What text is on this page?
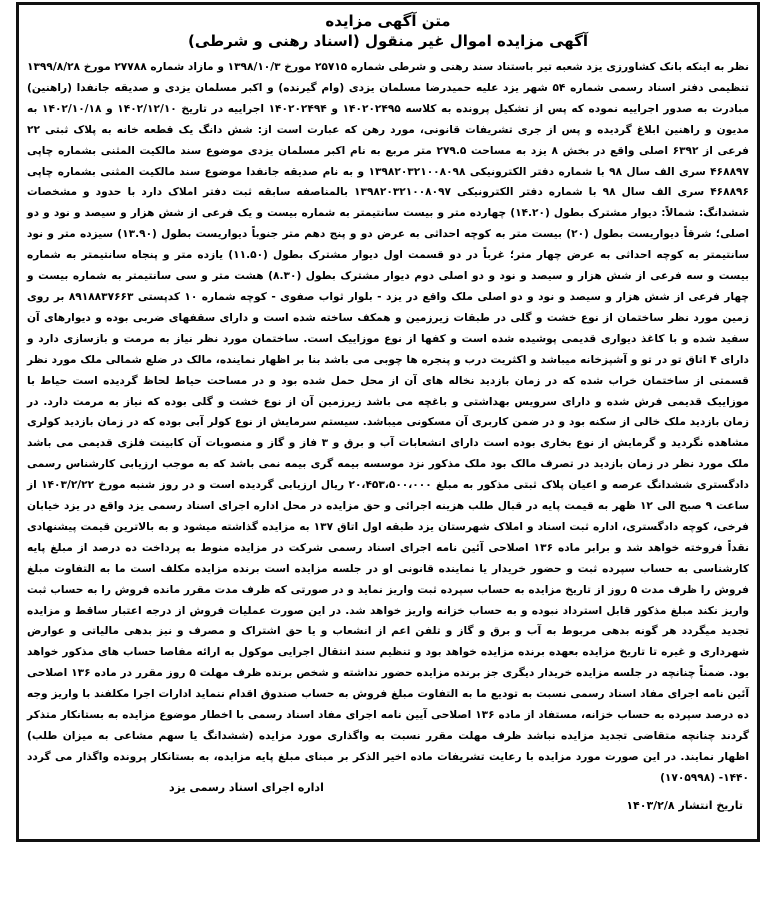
متن آگهی مزایده
آگهی مزایده اموال غیر منقول (اسناد رهنی و شرطی)
نظر به اینکه بانک کشاورزی یزد شعبه تیر باستناد سند رهنی و شرطی شماره ۲۵۷۱۵ مورخ ۱۳۹۸/۱۰/۳ و مازاد شماره ۲۷۷۸۸ مورخ ۱۳۹۹/۸/۲۸ تنظیمی دفتر اسناد رسمی شماره ۵۴ شهر یزد علیه حمیدرضا مسلمان یزدی (وام گیرنده) و اکبر مسلمان یزدی و صدیقه جانفدا (راهنین) مبادرت به صدور اجراییه نموده که پس از تشکیل پرونده به کلاسه ۱۴۰۲۰۲۴۹۵ و ۱۴۰۲۰۲۴۹۴ اجراییه در تاریخ ۱۴۰۲/۱۲/۱۰ و ۱۴۰۲/۱۰/۱۸ به مدیون و راهنین ابلاغ گردیده و پس از جری تشریفات قانونی، مورد رهن که عبارت است از: شش دانگ یک قطعه خانه به پلاک ثبتی ۲۲ فرعی از ۶۳۹۲ اصلی واقع در بخش ۸ یزد به مساحت ۲۷۹.۵ متر مربع به نام اکبر مسلمان یزدی موضوع سند مالکیت المثنی بشماره چاپی ۴۶۸۸۹۷ سری الف سال ۹۸ با شماره دفتر الکترونیکی ۱۳۹۸۲۰۳۲۱۰۰۸۰۹۸ و به نام صدیقه جانفدا موضوع سند مالکیت المثنی بشماره چاپی ۴۶۸۸۹۶ سری الف سال ۹۸ با شماره دفتر الکترونیکی ۱۳۹۸۲۰۳۲۱۰۰۸۰۹۷ بالمناصفه سابقه ثبت دفتر املاک دارد با حدود و مشخصات ششدانگ: شمالاً: دیوار مشترک بطول (۱۴.۲۰) چهارده متر و بیست سانتیمتر به شماره بیست و یک فرعی از شش هزار و سیصد و نود و دو اصلی؛ شرقاً دیواریست بطول (۲۰) بیست متر به کوچه احداثی به عرض دو و پنج دهم متر جنوباً دیواریست بطول (۱۳.۹۰) سیزده متر و نود سانتیمتر به کوچه احداثی به عرض چهار متر؛ غرباً در دو قسمت اول دیوار مشترک بطول (۱۱.۵۰) یازده متر و پنجاه سانتیمتر به شماره بیست و سه فرعی از شش هزار و سیصد و نود و دو اصلی دوم دیوار مشترک بطول (۸.۳۰) هشت متر و سی سانتیمتر به شماره بیست و چهار فرعی از شش هزار و سیصد و نود و دو اصلی ملک واقع در یزد - بلوار ثواب صفوی - کوچه شماره ۱۰ کدپستی ۸۹۱۸۸۳۷۶۶۳ بر روی زمین مورد نظر ساختمان از نوع خشت و گلی در طبقات زیرزمین و همکف ساخته شده است و دارای سقفهای ضربی بوده و دیوارهای آن سفید شده و با کاغذ دیواری قدیمی پوشیده شده است و کفها از نوع موزاییک است. ساختمان مورد نظر نیاز به مرمت و بازسازی دارد و دارای ۴ اتاق تو در تو و آشپزخانه میباشد و اکثریت درب و پنجره ها چوبی می باشد بنا بر اظهار نماینده، مالک در ضلع شمالی ملک مورد نظر قسمتی از ساختمان خراب شده که در زمان بازدید نخاله های آن از محل حمل شده بود و در مساحت حیاط لحاظ گردیده است حیاط با موزاییک قدیمی فرش شده و دارای سرویس بهداشتی و باغچه می باشد زیرزمین آن از نوع خشت و گلی بوده که نیاز به مرمت دارد. در زمان بازدید ملک خالی از سکنه بود و در ضمن کاربری آن مسکونی میباشد. سیستم سرمایش از نوع کولر آبی بوده که در زمان بازدید کولری مشاهده نگردید و گرمایش از نوع بخاری بوده است دارای انشعابات آب و برق و ۳ فاز و گاز و منصوبات آن کابینت فلزی قدیمی می باشد ملک مورد نظر در زمان بازدید در تصرف مالک بود ملک مذکور نزد موسسه بیمه گری بیمه نمی باشد که به موجب ارزیابی کارشناس رسمی دادگستری ششدانگ عرصه و اعیان پلاک ثبتی مذکور به مبلغ ۲۰،۴۵۳،۵۰۰،۰۰۰ ریال ارزیابی گردیده است و در روز شنبه مورخ ۱۴۰۳/۲/۲۲ از ساعت ۹ صبح الی ۱۲ ظهر به قیمت پایه در قبال طلب هزینه اجرائی و حق مزایده در محل اداره اجرای اسناد رسمی یزد واقع در یزد خیابان فرخی، کوچه دادگستری، اداره ثبت اسناد و املاک شهرستان یزد طبقه اول اتاق ۱۳۷ به مزایده گذاشته میشود و به بالاترین قیمت پیشنهادی نقداً فروخته خواهد شد و برابر ماده ۱۳۶ اصلاحی آئین نامه اجرای اسناد رسمی شرکت در مزایده منوط به پرداخت ده درصد از مبلغ پایه کارشناسی به حساب سپرده ثبت و حضور خریدار یا نماینده قانونی او در جلسه مزایده است برنده مزایده مکلف است ما به التفاوت مبلغ فروش را ظرف مدت ۵ روز از تاریخ مزایده به حساب سپرده ثبت واریز نماید و در صورتی که ظرف مدت مقرر مانده فروش را به حساب ثبت واریز نکند مبلغ مذکور قابل استرداد نبوده و به حساب خزانه واریز خواهد شد. در این صورت عملیات فروش از درجه اعتبار ساقط و مزایده تجدید میگردد هر گونه بدهی مربوط به آب و برق و گاز و تلفن اعم از انشعاب و یا حق اشتراک و مصرف و نیز بدهی مالیاتی و عوارض شهرداری و غیره تا تاریخ مزایده بعهده برنده مزایده خواهد بود و تنظیم سند انتقال اجرایی موکول به ارائه مفاصا حساب های مذکور خواهد بود. ضمناً چنانچه در جلسه مزایده خریدار دیگری جز برنده مزایده حضور نداشته و شخص برنده ظرف مهلت ۵ روز مقرر در ماده ۱۳۶ اصلاحی آئین نامه اجرای مفاد اسناد رسمی نسبت به تودیع ما به التفاوت مبلغ فروش به حساب صندوق اقدام ننماید ادارات اجرا مکلفند با واریز وجه ده درصد سپرده به حساب خزانه، مستفاد از ماده ۱۳۶ اصلاحی آیین نامه اجرای مفاد اسناد رسمی با اخطار موضوع مزایده به بستانکار متذکر گردند چنانچه متقاضی تجدید مزایده نباشد ظرف مهلت مقرر نسبت به واگذاری مورد مزایده (ششدانگ یا سهم مشاعی به میزان طلب) اظهار نمایند. در این صورت مورد مزایده با رعایت تشریفات ماده اخیر الذکر بر مبنای مبلغ پایه مزایده، به بستانکار پرونده واگذار می گردد ۱۴۴۰- (۱۷۰۵۹۹۸)
اداره اجرای اسناد رسمی یزد
تاریخ انتشار ۱۴۰۳/۲/۸
